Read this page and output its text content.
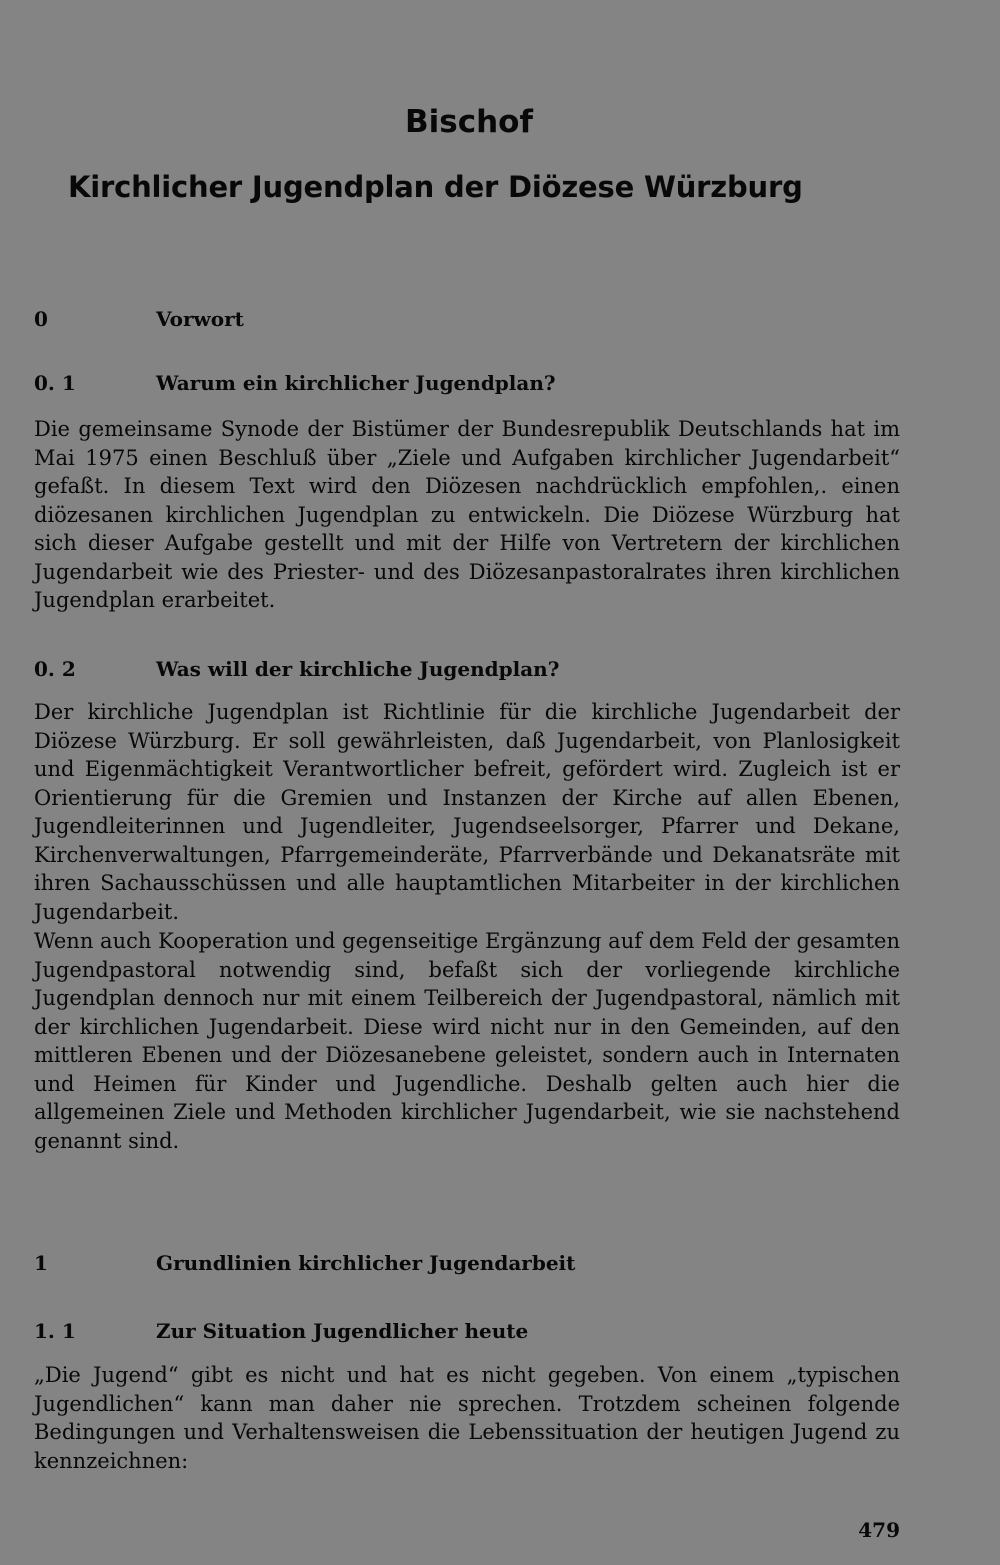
Bischof
Kirchlicher Jugendplan der Diözese Würzburg
0	Vorwort
0. 1	Warum ein kirchlicher Jugendplan?

Die gemeinsame Synode der Bistümer der Bundesrepublik Deutschlands hat im Mai 1975 einen Beschluß über „Ziele und Aufgaben kirchlicher Jugendarbeit“ gefaßt. In diesem Text wird den Diözesen nachdrücklich empfohlen,. einen diözesanen kirchlichen Jugendplan zu entwickeln. Die Diözese Würzburg hat sich dieser Aufgabe gestellt und mit der Hilfe von Vertretern der kirchlichen Jugendarbeit wie des Priester- und des Diözesanpastoralrates ihren kirchlichen Jugendplan erarbeitet.

0. 2	Was will der kirchliche Jugendplan?

Der kirchliche Jugendplan ist Richtlinie für die kirchliche Jugendarbeit der Diözese Würzburg. Er soll gewährleisten, daß Jugendarbeit, von Planlosigkeit und Eigenmächtigkeit Verantwortlicher befreit, gefördert wird. Zugleich ist er Orientierung für die Gremien und Instanzen der Kirche auf allen Ebenen, Jugendleiterinnen und Jugendleiter, Jugendseelsorger, Pfarrer und Dekane, Kirchenverwaltungen, Pfarrgemeinderäte, Pfarrverbände und Dekanatsräte mit ihren Sachausschüssen und alle hauptamtlichen Mitarbeiter in der kirchlichen Jugendarbeit.

Wenn auch Kooperation und gegenseitige Ergänzung auf dem Feld der gesamten Jugendpastoral notwendig sind, befaßt sich der vorliegende kirchliche Jugendplan dennoch nur mit einem Teilbereich der Jugendpastoral, nämlich mit der kirchlichen Jugendarbeit. Diese wird nicht nur in den Gemeinden, auf den mittleren Ebenen und der Diözesanebene geleistet, sondern auch in Internaten und Heimen für Kinder und Jugendliche. Deshalb gelten auch hier die allgemeinen Ziele und Methoden kirchlicher Jugendarbeit, wie sie nachstehend genannt sind.

1	Grundlinien kirchlicher Jugendarbeit
1. 1	Zur Situation Jugendlicher heute

„Die Jugend“ gibt es nicht und hat es nicht gegeben. Von einem „typischen Jugendlichen“ kann man daher nie sprechen. Trotzdem scheinen folgende Bedingungen und Verhaltensweisen die Lebenssituation der heutigen Jugend zu kennzeichnen:

479
